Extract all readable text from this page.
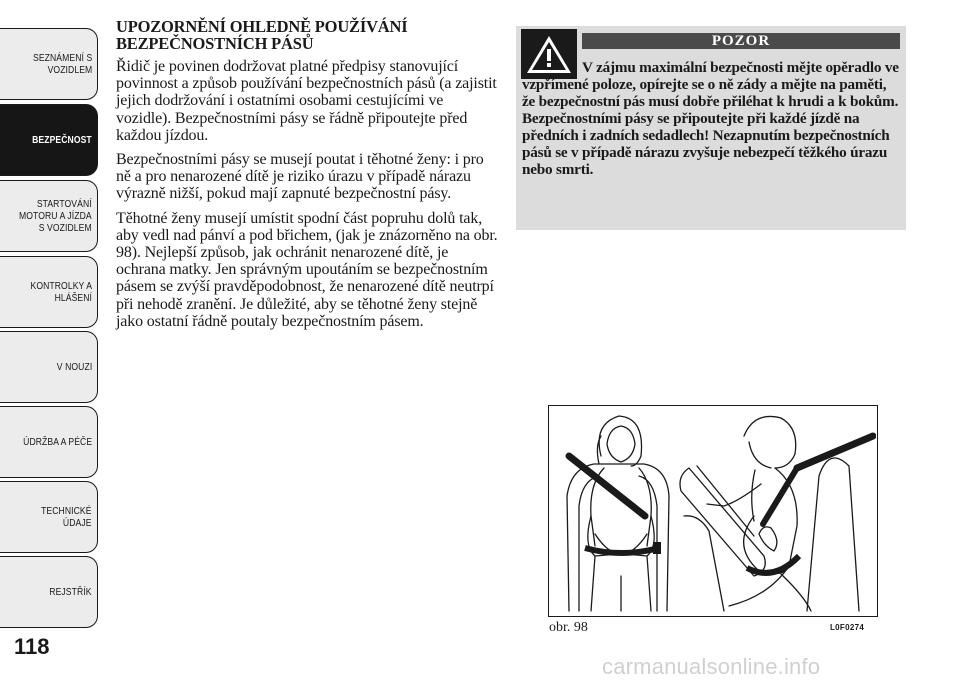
SEZNÁMENÍ S
VOZIDLEM
BEZPEČNOST
STARTOVÁNÍ
MOTORU A JÍZDA
S VOZIDLEM
KONTROLKY A
HLÁŠENÍ
V NOUZI
ÚDRŽBA A PÉČE
TECHNICKÉ
ÚDAJE
REJSTŘÍK
118
UPOZORNĚNÍ OHLEDNĚ POUŽÍVÁNÍ BEZPEČNOSTNÍCH PÁSŮ

Řidič je povinen dodržovat platné předpisy stanovující povinnost a způsob používání bezpečnostních pásů (a zajistit jejich dodržování i ostatními osobami cestujícími ve vozidle). Bezpečnostními pásy se řádně připoutejte před každou jízdou.

Bezpečnostními pásy se musejí poutat i těhotné ženy: i pro ně a pro nenarozené dítě je riziko úrazu v případě nárazu výrazně nižší, pokud mají zapnuté bezpečnostní pásy.

Těhotné ženy musejí umístit spodní část popruhu dolů tak, aby vedl nad pánví a pod břichem, (jak je znázorněno na obr. 98). Nejlepší způsob, jak ochránit nenarozené dítě, je ochrana matky. Jen správným upoutáním se bezpečnostním pásem se zvýší pravděpodobnost, že nenarozené dítě neutrpí při nehodě zranění. Je důležité, aby se těhotné ženy stejně jako ostatní řádně poutaly bezpečnostním pásem.

POZOR
V zájmu maximální bezpečnosti mějte opěradlo ve vzpřímené poloze, opírejte se o ně zády a mějte na paměti, že bezpečnostní pás musí dobře přiléhat k hrudi a k bokům. Bezpečnostními pásy se připoutejte při každé jízdě na předních i zadních sedadlech! Nezapnutím bezpečnostních pásů se v případě nárazu zvyšuje nebezpečí těžkého úrazu nebo smrti.
obr. 98	L0F0274
carmanualsonline.info
